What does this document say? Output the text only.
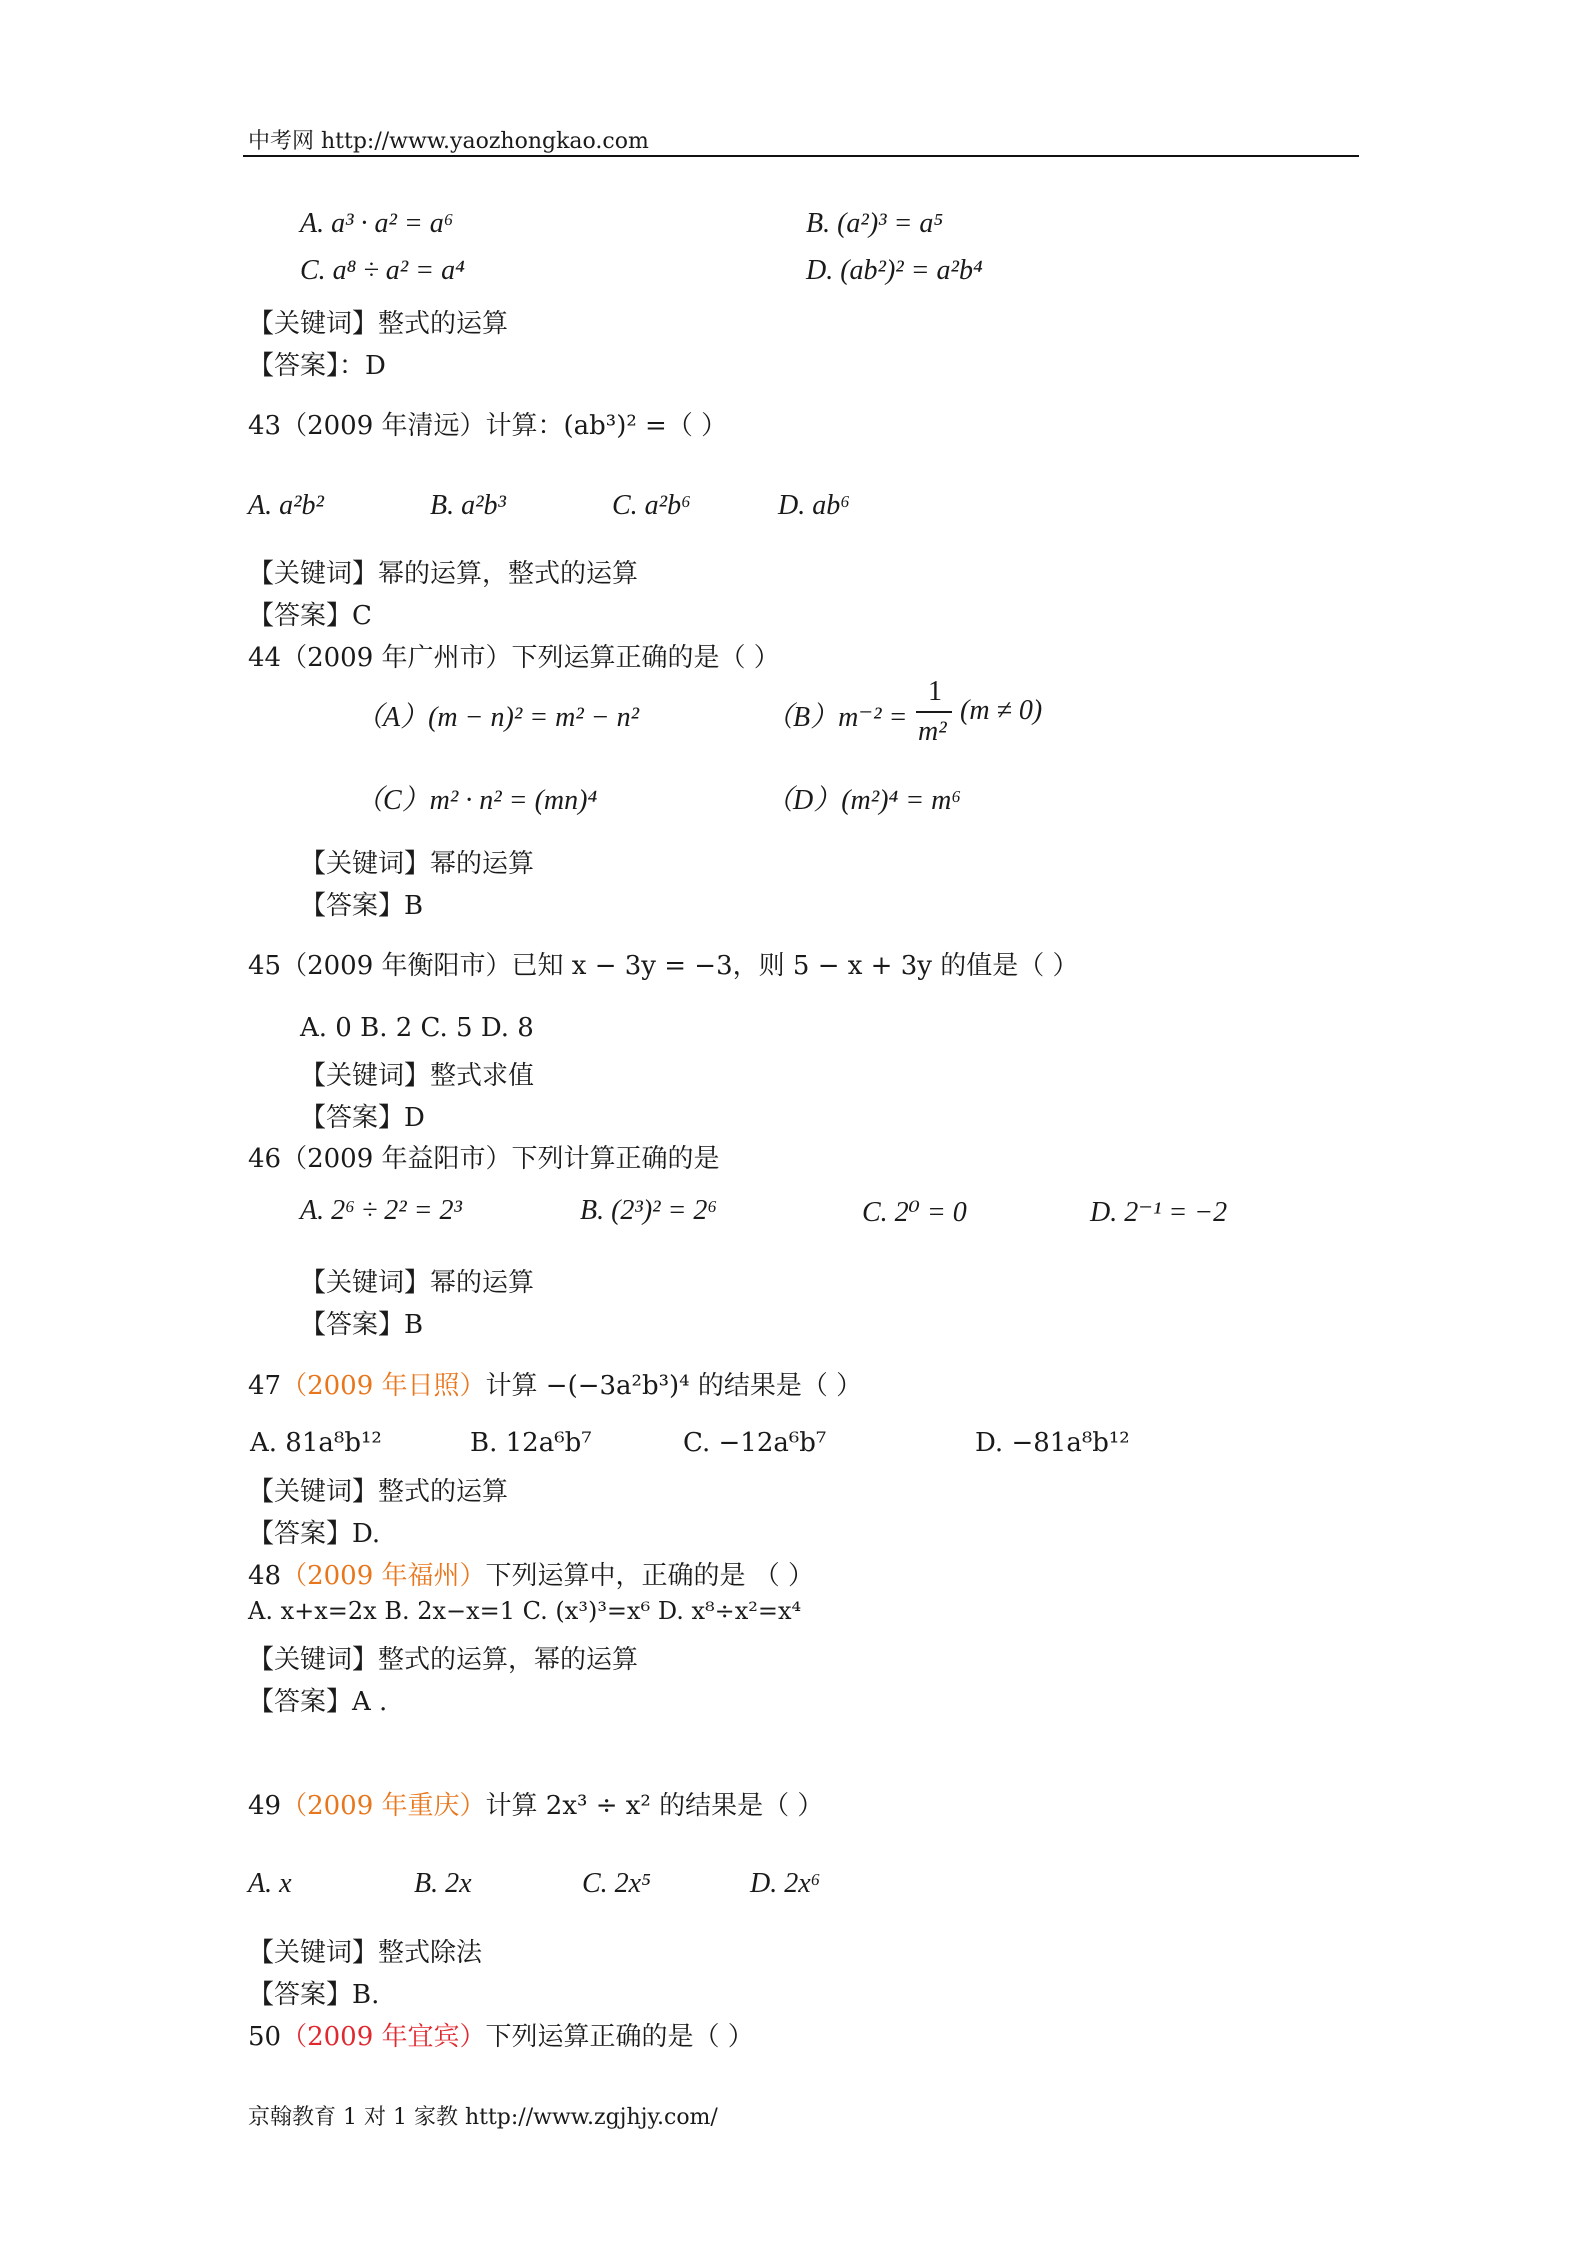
中考网 http://www.yaozhongkao.com
A. a³ · a² = a⁶	B. (a²)³ = a⁵
C. a⁸ ÷ a² = a⁴	D. (ab²)² = a²b⁴
【关键词】整式的运算
【答案】：D
43（2009 年清远）计算：(ab³)² =（ ）
A. a²b²	B. a²b³	C. a²b⁶	D. ab⁶
【关键词】幂的运算，整式的运算
【答案】C
44（2009 年广州市）下列运算正确的是（ ）
（A）(m − n)² = m² − n²	（B）m⁻² =
1
m²
(m ≠ 0)
（C）m² · n² = (mn)⁴	（D）(m²)⁴ = m⁶
【关键词】幂的运算
【答案】B
45（2009 年衡阳市）已知 x − 3y = −3，则 5 − x + 3y 的值是（ ）
A. 0 B. 2 C. 5 D. 8
【关键词】整式求值
【答案】D
46（2009 年益阳市）下列计算正确的是
A. 2⁶ ÷ 2² = 2³	B. (2³)² = 2⁶	C. 2⁰ = 0	D. 2⁻¹ = −2
【关键词】幂的运算
【答案】B
47（2009 年日照）计算 −(−3a²b³)⁴ 的结果是（ ）
A. 81a⁸b¹²	B. 12a⁶b⁷	C. −12a⁶b⁷	D. −81a⁸b¹²
【关键词】整式的运算
【答案】D.
48（2009 年福州）下列运算中，正确的是 （ ）
A. x+x=2x B. 2x−x=1 C. (x³)³=x⁶ D. x⁸÷x²=x⁴
【关键词】整式的运算，幂的运算
【答案】A .
49（2009 年重庆）计算 2x³ ÷ x² 的结果是（ ）
A. x	B. 2x	C. 2x⁵	D. 2x⁶
【关键词】整式除法
【答案】B.
50（2009 年宜宾）下列运算正确的是（ ）
京翰教育 1 对 1 家教 http://www.zgjhjy.com/
